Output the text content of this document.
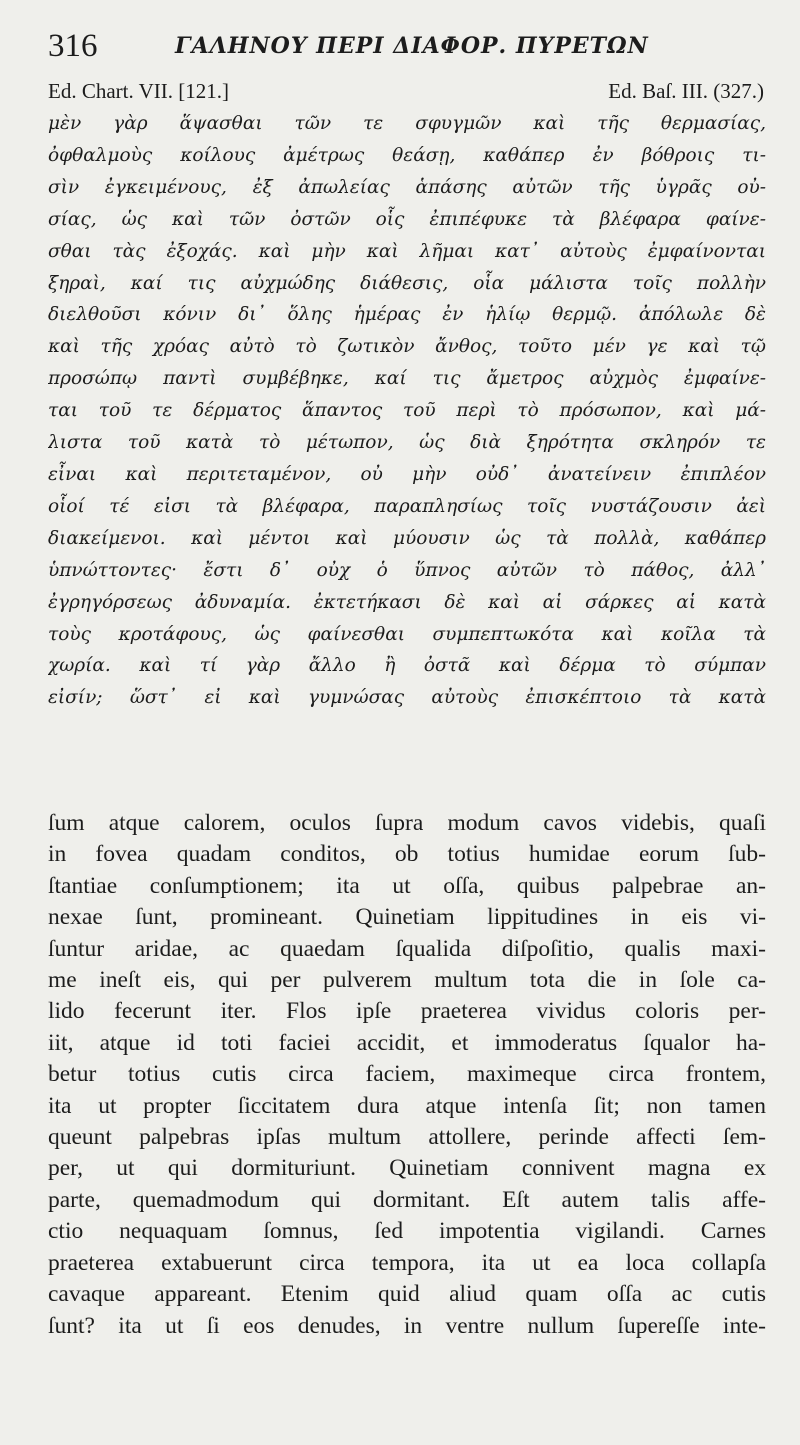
316	ΓΑΛΗΝΟΥ ΠΕΡΙ ΔΙΑΦΟΡ. ΠΥΡΕΤΩΝ
Ed. Chart. VII. [121.]	Ed. Baſ. III. (327.)
μὲν γὰρ ἅψασθαι τῶν τε σφυγμῶν καὶ τῆς θερμασίας,
ὀφθαλμοὺς κοίλους ἀμέτρως θεάσῃ, καθάπερ ἐν βόθροις τι-
σὶν ἐγκειμένους, ἐξ ἀπωλείας ἁπάσης αὐτῶν τῆς ὑγρᾶς οὐ-
σίας, ὡς καὶ τῶν ὀστῶν οἷς ἐπιπέφυκε τὰ βλέφαρα φαίνε-
σθαι τὰς ἐξοχάς. καὶ μὴν καὶ λῆμαι κατ᾽ αὐτοὺς ἐμφαίνονται
ξηραὶ, καί τις αὐχμώδης διάθεσις, οἷα μάλιστα τοῖς πολλὴν
διελθοῦσι κόνιν δι᾽ ὅλης ἡμέρας ἐν ἡλίῳ θερμῷ. ἀπόλωλε δὲ
καὶ τῆς χρόας αὐτὸ τὸ ζωτικὸν ἄνθος, τοῦτο μέν γε καὶ τῷ
προσώπῳ παντὶ συμβέβηκε, καί τις ἄμετρος αὐχμὸς ἐμφαίνε-
ται τοῦ τε δέρματος ἅπαντος τοῦ περὶ τὸ πρόσωπον, καὶ μά-
λιστα τοῦ κατὰ τὸ μέτωπον, ὡς διὰ ξηρότητα σκληρόν τε
εἶναι καὶ περιτεταμένον, οὐ μὴν οὐδ᾽ ἀνατείνειν ἐπιπλέον
οἷοί τέ εἰσι τὰ βλέφαρα, παραπλησίως τοῖς νυστάζουσιν ἀεὶ
διακείμενοι. καὶ μέντοι καὶ μύουσιν ὡς τὰ πολλὰ, καθάπερ
ὑπνώττοντες· ἔστι δ᾽ οὐχ ὁ ὕπνος αὐτῶν τὸ πάθος, ἀλλ᾽
ἐγρηγόρσεως ἀδυναμία. ἐκτετήκασι δὲ καὶ αἱ σάρκες αἱ κατὰ
τοὺς κροτάφους, ὡς φαίνεσθαι συμπεπτωκότα καὶ κοῖλα τὰ
χωρία. καὶ τί γὰρ ἄλλο ἢ ὀστᾶ καὶ δέρμα τὸ σύμπαν
εἰσίν; ὥστ᾽ εἰ καὶ γυμνώσας αὐτοὺς ἐπισκέπτοιο τὰ κατὰ
ſum atque calorem, oculos ſupra modum cavos videbis, quaſi
in fovea quadam conditos, ob totius humidae eorum ſub-
ſtantiae conſumptionem; ita ut oſſa, quibus palpebrae an-
nexae ſunt, promineant. Quinetiam lippitudines in eis vi-
ſuntur aridae, ac quaedam ſqualida diſpoſitio, qualis maxi-
me ineſt eis, qui per pulverem multum tota die in ſole ca-
lido fecerunt iter. Flos ipſe praeterea vividus coloris per-
iit, atque id toti faciei accidit, et immoderatus ſqualor ha-
betur totius cutis circa faciem, maximeque circa frontem,
ita ut propter ſiccitatem dura atque intenſa ſit; non tamen
queunt palpebras ipſas multum attollere, perinde affecti ſem-
per, ut qui dormituriunt. Quinetiam connivent magna ex
parte, quemadmodum qui dormitant. Eſt autem talis affe-
ctio nequaquam ſomnus, ſed impotentia vigilandi. Carnes
praeterea extabuerunt circa tempora, ita ut ea loca collapſa
cavaque appareant. Etenim quid aliud quam oſſa ac cutis
ſunt? ita ut ſi eos denudes, in ventre nullum ſupereſſe inte-
